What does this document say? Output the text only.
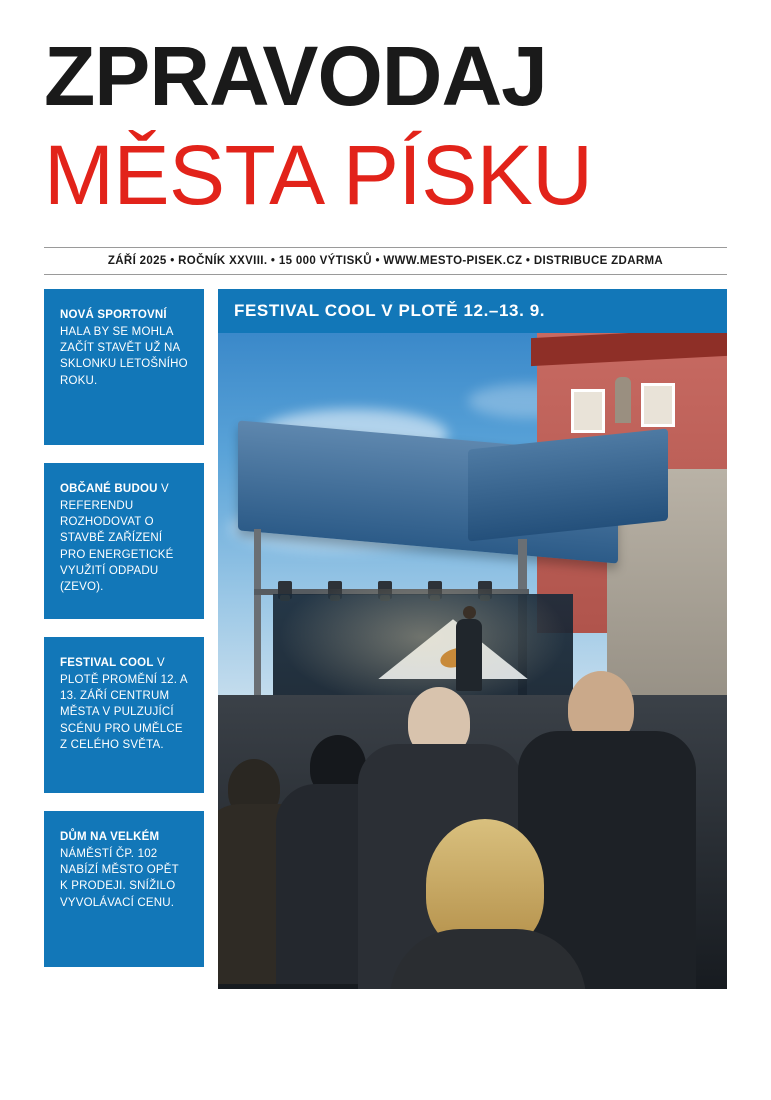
ZPRAVODAJ
MĚSTA PÍSKU
ZÁŘÍ 2025 • ROČNÍK XXVIII. • 15 000 VÝTISKŮ • WWW.MESTO-PISEK.CZ • DISTRIBUCE ZDARMA
NOVÁ SPORTOVNÍ HALA BY SE MOHLA ZAČÍT STAVĚT UŽ NA SKLONKU LETOŠNÍHO ROKU.
OBČANÉ BUDOU V REFERENDU ROZHODOVAT O STAVBĚ ZAŘÍZENÍ PRO ENERGETICKÉ VYUŽITÍ ODPADU (ZEVO).
FESTIVAL COOL V PLOTĚ PROMĚNÍ 12. A 13. ZÁŘÍ CENTRUM MĚSTA V PULZUJÍCÍ SCÉNU PRO UMĚLCE Z CELÉHO SVĚTA.
DŮM NA VELKÉM NÁMĚSTÍ ČP. 102 NABÍZÍ MĚSTO OPĚT K PRODEJI. SNÍŽILO VYVOLÁVACÍ CENU.
FESTIVAL COOL V PLOTĚ 12.–13. 9.
